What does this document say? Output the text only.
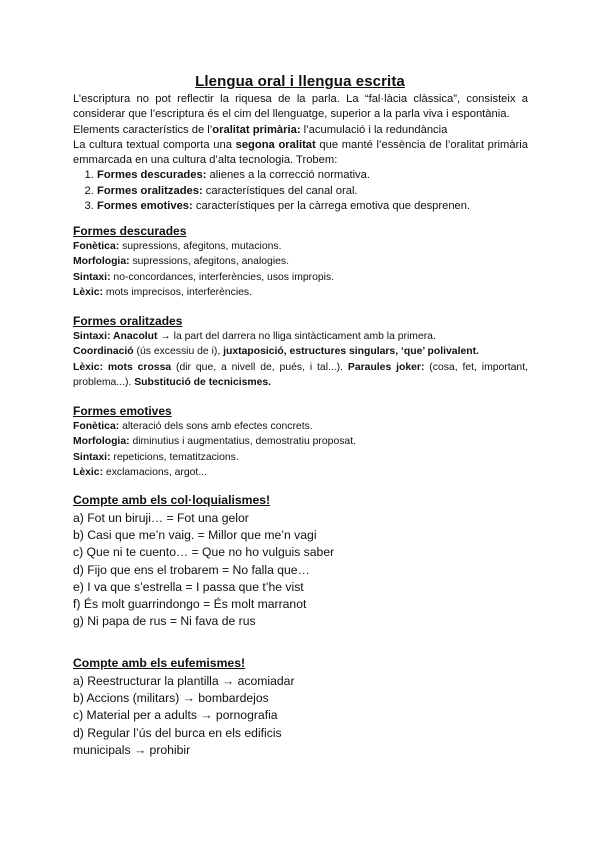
Llengua oral i llengua escrita

L’escriptura no pot reflectir la riquesa de la parla. La “fal·làcia clàssica”, consisteix a considerar que l’escriptura és el cim del llenguatge, superior a la parla viva i espontània.

Elements característics de l’oralitat primària: l’acumulació i la redundància

La cultura textual comporta una segona oralitat que manté l’essència de l’oralitat primària emmarcada en una cultura d’alta tecnologia. Trobem:

1. Formes descurades: alienes a la correcció normativa.
2. Formes oralitzades: característiques del canal oral.
3. Formes emotives: característiques per la càrrega emotiva que desprenen.
Formes descurades

Fonètica: supressions, afegitons, mutacions.

Morfologia: supressions, afegitons, analogies.

Sintaxi: no-concordances, interferències, usos impropis.

Lèxic: mots imprecisos, interferències.

Formes oralitzades

Sintaxi: Anacolut → la part del darrera no lliga sintàcticament amb la primera.

Coordinació (ús excessiu de i), juxtaposició, estructures singulars, ‘que’ polivalent.

Lèxic: mots crossa (dir que, a nivell de, pués, i tal...). Paraules joker: (cosa, fet, important, problema...). Substitució de tecnicismes.

Formes emotives

Fonètica: alteració dels sons amb efectes concrets.

Morfologia: diminutius i augmentatius, demostratiu proposat.

Sintaxi: repeticions, tematitzacions.

Lèxic: exclamacions, argot...

Compte amb els col·loquialismes!

a) Fot un biruji… = Fot una gelor

b) Casi que me’n vaig. = Millor que me’n vagi

c) Que ni te cuento… = Que no ho vulguis saber

d) Fijo que ens el trobarem = No falla que…

e) I va que s’estrella = I passa que t’he vist

f) És molt guarrindongo = És molt marranot

g) Ni papa de rus = Ni fava de rus

Compte amb els eufemismes!

a) Reestructurar la plantilla → acomiadar

b) Accions (militars) → bombardejos

c) Material per a adults → pornografia

d) Regular l’ús del burca en els edificis municipals → prohibir
